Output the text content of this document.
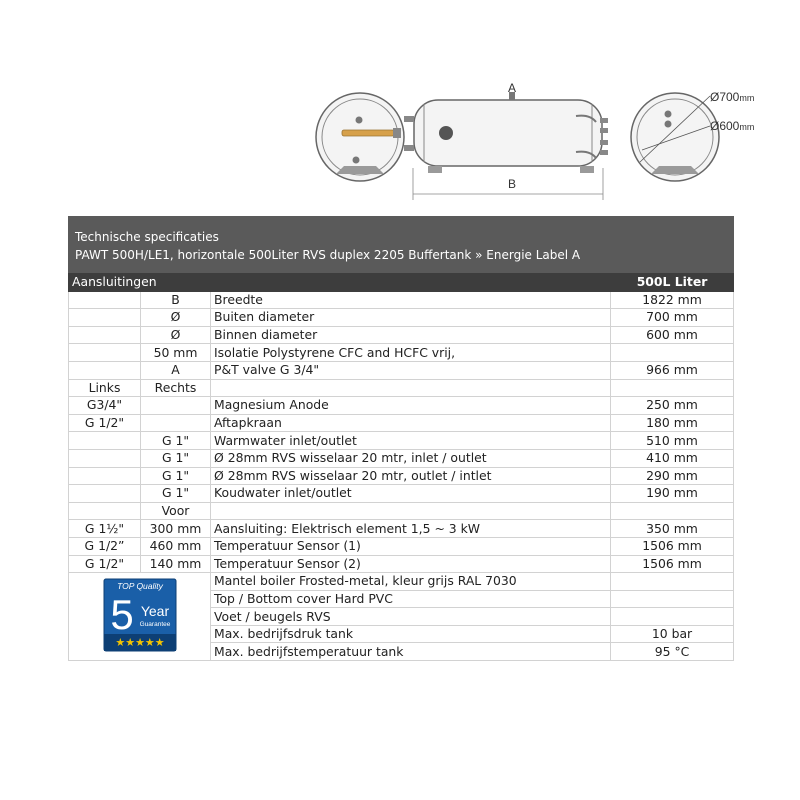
A
B
Ø700mm
Ø600mm
Technische specificaties
PAWT 500H/LE1, horizontale 500Liter RVS duplex 2205 Buffertank » Energie Label A
Aansluitingen			500L Liter
	B	Breedte	1822 mm
	Ø	Buiten diameter	700 mm
	Ø	Binnen diameter	600 mm
	50 mm	Isolatie Polystyrene CFC and HCFC vrij,	
	A	P&T valve G 3/4"	966 mm
Links	Rechts		
G3/4"		Magnesium Anode	250 mm
G 1/2"		Aftapkraan	180 mm
	G 1"	Warmwater inlet/outlet	510 mm
	G 1"	Ø 28mm RVS wisselaar 20 mtr, inlet / outlet	410 mm
	G 1"	Ø 28mm RVS wisselaar 20 mtr, outlet / intlet	290 mm
	G 1"	Koudwater inlet/outlet	190 mm
	Voor		
G 1½"	300 mm	Aansluiting: Elektrisch element 1,5 ~ 3 kW	350 mm
G 1/2”	460 mm	Temperatuur Sensor (1)	1506 mm
G 1/2"	140 mm	Temperatuur Sensor (2)	1506 mm

TOP Quality
5 Year
Guarantee
★★★★★		Mantel boiler Frosted-metal, kleur grijs RAL 7030	
		Top / Bottom cover Hard PVC	
		Voet / beugels RVS	
		Max. bedrijfsdruk tank	10 bar
		Max. bedrijfstemperatuur tank	95 °C
